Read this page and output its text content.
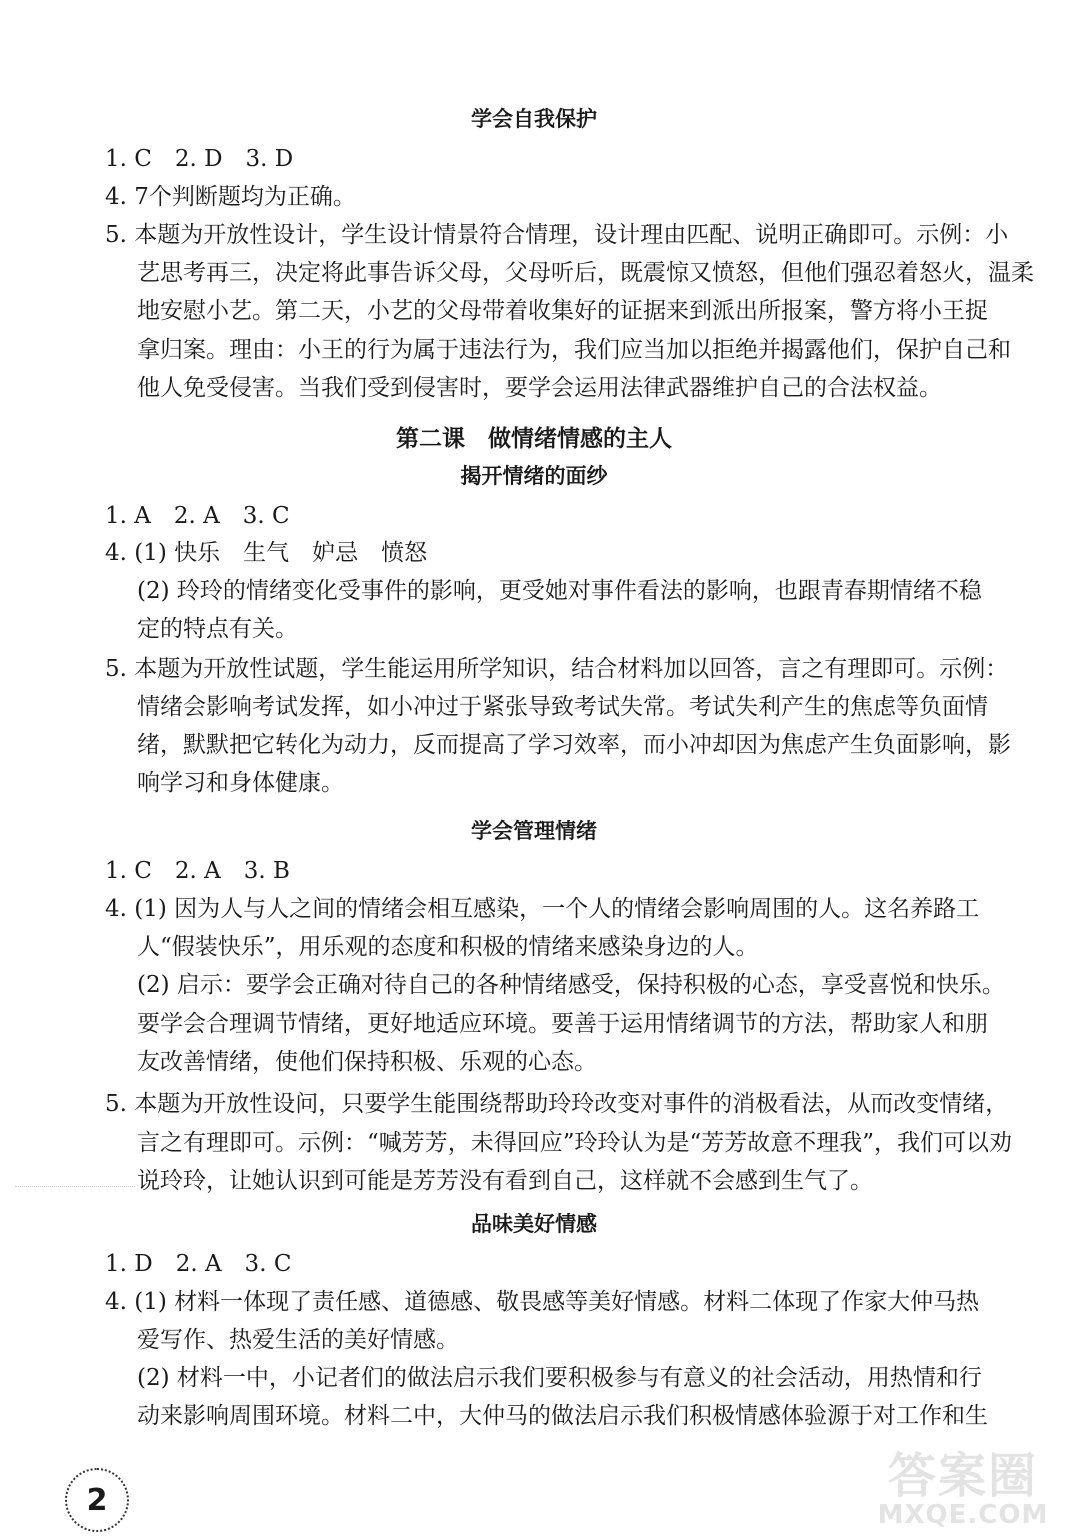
学会自我保护
1. C　2. D　3. D
4. 7个判断题均为正确。
5. 本题为开放性设计，学生设计情景符合情理，设计理由匹配、说明正确即可。示例：小
艺思考再三，决定将此事告诉父母，父母听后，既震惊又愤怒，但他们强忍着怒火，温柔
地安慰小艺。第二天，小艺的父母带着收集好的证据来到派出所报案，警方将小王捉
拿归案。理由：小王的行为属于违法行为，我们应当加以拒绝并揭露他们，保护自己和
他人免受侵害。当我们受到侵害时，要学会运用法律武器维护自己的合法权益。
第二课　做情绪情感的主人
揭开情绪的面纱
1. A　2. A　3. C
4. (1) 快乐　生气　妒忌　愤怒
(2) 玲玲的情绪变化受事件的影响，更受她对事件看法的影响，也跟青春期情绪不稳
定的特点有关。
5. 本题为开放性试题，学生能运用所学知识，结合材料加以回答，言之有理即可。示例：
情绪会影响考试发挥，如小冲过于紧张导致考试失常。考试失利产生的焦虑等负面情
绪，默默把它转化为动力，反而提高了学习效率，而小冲却因为焦虑产生负面影响，影
响学习和身体健康。
学会管理情绪
1. C　2. A　3. B
4. (1) 因为人与人之间的情绪会相互感染，一个人的情绪会影响周围的人。这名养路工
人“假装快乐”，用乐观的态度和积极的情绪来感染身边的人。
(2) 启示：要学会正确对待自己的各种情绪感受，保持积极的心态，享受喜悦和快乐。
要学会合理调节情绪，更好地适应环境。要善于运用情绪调节的方法，帮助家人和朋
友改善情绪，使他们保持积极、乐观的心态。
5. 本题为开放性设问，只要学生能围绕帮助玲玲改变对事件的消极看法，从而改变情绪，
言之有理即可。示例：“喊芳芳，未得回应”玲玲认为是“芳芳故意不理我”，我们可以劝
说玲玲，让她认识到可能是芳芳没有看到自己，这样就不会感到生气了。
品味美好情感
1. D　2. A　3. C
4. (1) 材料一体现了责任感、道德感、敬畏感等美好情感。材料二体现了作家大仲马热
爱写作、热爱生活的美好情感。
(2) 材料一中，小记者们的做法启示我们要积极参与有意义的社会活动，用热情和行
动来影响周围环境。材料二中，大仲马的做法启示我们积极情感体验源于对工作和生
2	答案圈
MXQE.COM
